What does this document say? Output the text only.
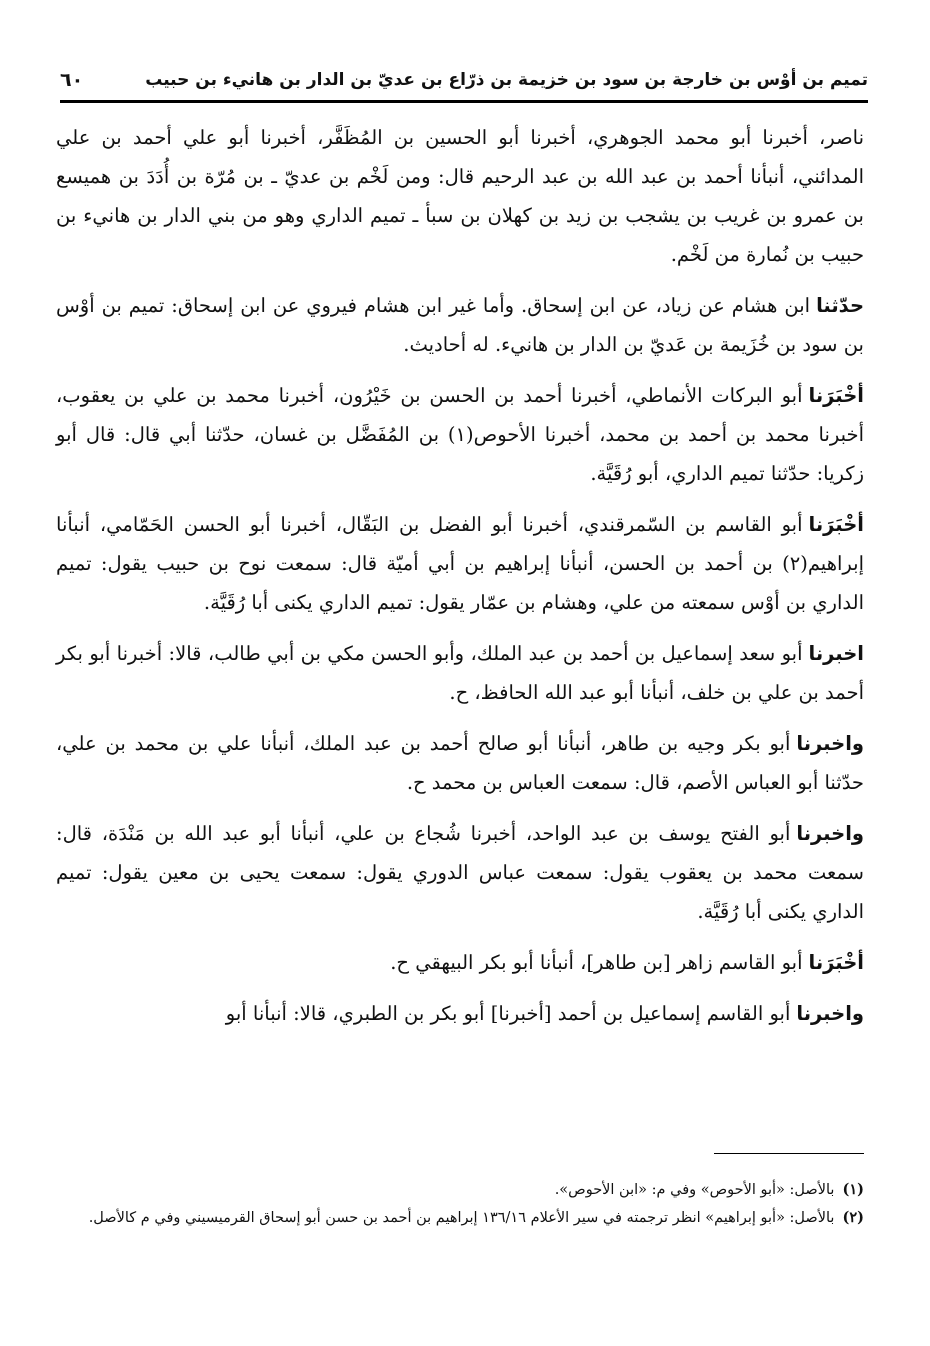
تميم بن أوْس بن خارجة بن سود بن خزيمة بن ذرّاع بن عديّ بن الدار بن هانيء بن حبيب
٦٠

ناصر، أخبرنا أبو محمد الجوهري، أخبرنا أبو الحسين بن المُظَفَّر، أخبرنا أبو علي أحمد بن علي المدائني، أنبأنا أحمد بن عبد الله بن عبد الرحيم قال: ومن لَخْم بن عديّ ـ بن مُرّة بن أُدَدَ بن هميسع بن عمرو بن غريب بن يشجب بن زيد بن كهلان بن سبأ ـ تميم الداري وهو من بني الدار بن هانيء بن حبيب بن نُمارة من لَخْم.

حدّثناابن هشام عن زياد، عن ابن إسحاق. وأما غير ابن هشام فيروي عن ابن إسحاق: تميم بن أوْس بن سود بن خُزَيمة بن عَديّ بن الدار بن هانيء. له أحاديث.

أخْبَرَناأبو البركات الأنماطي، أخبرنا أحمد بن الحسن بن خَيْرُون، أخبرنا محمد بن علي بن يعقوب، أخبرنا محمد بن أحمد بن محمد، أخبرنا الأحوص(١) بن المُفَضَّل بن غسان، حدّثنا أبي قال: قال أبو زكريا: حدّثنا تميم الداري، أبو رُقَيَّة.

أخْبَرَناأبو القاسم بن السّمرقندي، أخبرنا أبو الفضل بن البَقّال، أخبرنا أبو الحسن الحَمّامي، أنبأنا إبراهيم(٢) بن أحمد بن الحسن، أنبأنا إبراهيم بن أبي أميّة قال: سمعت نوح بن حبيب يقول: تميم الداري بن أوْس سمعته من علي، وهشام بن عمّار يقول: تميم الداري يكنى أبا رُقَيَّة.

اخبرناأبو سعد إسماعيل بن أحمد بن عبد الملك، وأبو الحسن مكي بن أبي طالب، قالا: أخبرنا أبو بكر أحمد بن علي بن خلف، أنبأنا أبو عبد الله الحافظ، ح.

واخبرناأبو بكر وجيه بن طاهر، أنبأنا أبو صالح أحمد بن عبد الملك، أنبأنا علي بن محمد بن علي، حدّثنا أبو العباس الأصم، قال: سمعت العباس بن محمد ح.

واخبرناأبو الفتح يوسف بن عبد الواحد، أخبرنا شُجاع بن علي، أنبأنا أبو عبد الله بن مَنْدَة، قال: سمعت محمد بن يعقوب يقول: سمعت عباس الدوري يقول: سمعت يحيى بن معين يقول: تميم الداري يكنى أبا رُقَيَّة.

أخْبَرَناأبو القاسم زاهر [بن طاهر]، أنبأنا أبو بكر البيهقي ح.

واخبرناأبو القاسم إسماعيل بن أحمد [أخبرنا] أبو بكر بن الطبري، قالا: أنبأنا أبو

(١)بالأصل: «أبو الأحوص» وفي م: «ابن الأحوص».

(٢)بالأصل: «أبو إبراهيم» انظر ترجمته في سير الأعلام ١٣٦/١٦ إبراهيم بن أحمد بن حسن أبو إسحاق القرميسيني وفي م كالأصل.
